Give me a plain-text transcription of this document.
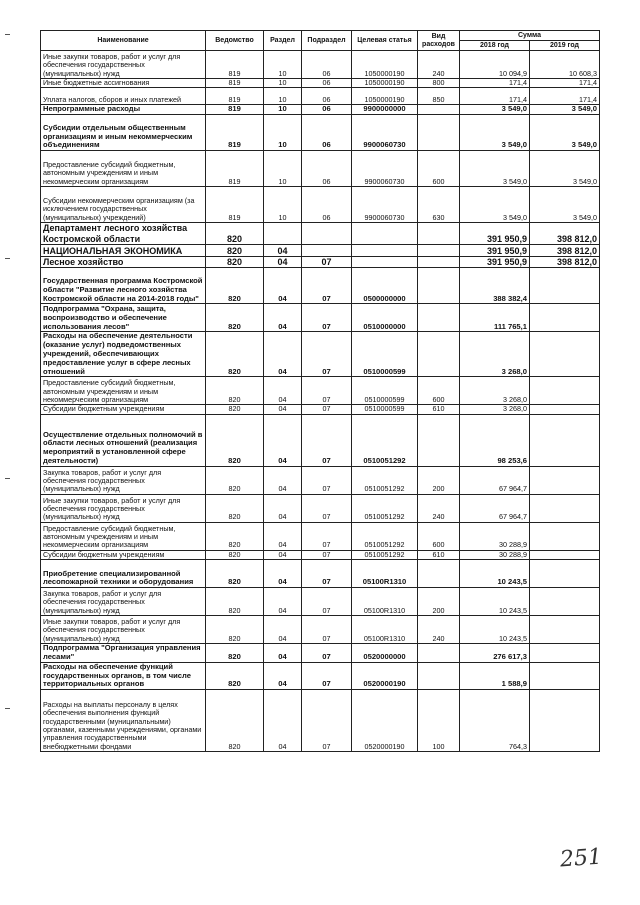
Наименование	Ведомство	Раздел	Подраздел	Целевая статья	Вид расходов	Сумма	
						2018 год	2019 год
Иные закупки товаров, работ и услуг для обеспечения государственных (муниципальных) нужд	819	10	06	1050000190	240	10 094,9	10 608,3
Иные бюджетные ассигнования	819	10	06	1050000190	800	171,4	171,4
Уплата налогов, сборов и иных платежей	819	10	06	1050000190	850	171,4	171,4
Непрограммные расходы	819	10	06	9900000000		3 549,0	3 549,0
Субсидии отдельным общественным организациям и иным некоммерческим объединениям	819	10	06	9900060730		3 549,0	3 549,0
Предоставление субсидий бюджетным, автономным учреждениям и иным некоммерческим организациям	819	10	06	9900060730	600	3 549,0	3 549,0
Субсидии некоммерческим организациям (за исключением государственных (муниципальных) учреждений)	819	10	06	9900060730	630	3 549,0	3 549,0
Департамент лесного хозяйства Костромской области	820					391 950,9	398 812,0
НАЦИОНАЛЬНАЯ ЭКОНОМИКА	820	04				391 950,9	398 812,0
Лесное хозяйство	820	04	07			391 950,9	398 812,0
Государственная программа Костромской области "Развитие лесного хозяйства Костромской области на 2014-2018 годы"	820	04	07	0500000000		388 382,4	
Подпрограмма "Охрана, защита, воспроизводство и обеспечение использования лесов"	820	04	07	0510000000		111 765,1	
Расходы на обеспечение деятельности (оказание услуг) подведомственных учреждений, обеспечивающих предоставление услуг в сфере лесных отношений	820	04	07	0510000599		3 268,0	
Предоставление субсидий бюджетным, автономным учреждениям и иным некоммерческим организациям	820	04	07	0510000599	600	3 268,0	
Субсидии бюджетным учреждениям	820	04	07	0510000599	610	3 268,0	
Осуществление отдельных полномочий в области лесных отношений (реализация мероприятий в установленной сфере деятельности)	820	04	07	0510051292		98 253,6	
Закупка товаров, работ и услуг для обеспечения государственных (муниципальных) нужд	820	04	07	0510051292	200	67 964,7	
Иные закупки товаров, работ и услуг для обеспечения государственных (муниципальных) нужд	820	04	07	0510051292	240	67 964,7	
Предоставление субсидий бюджетным, автономным учреждениям и иным некоммерческим организациям	820	04	07	0510051292	600	30 288,9	
Субсидии бюджетным учреждениям	820	04	07	0510051292	610	30 288,9	
Приобретение специализированной лесопожарной техники и оборудования	820	04	07	05100R1310		10 243,5	
Закупка товаров, работ и услуг для обеспечения государственных (муниципальных) нужд	820	04	07	05100R1310	200	10 243,5	
Иные закупки товаров, работ и услуг для обеспечения государственных (муниципальных) нужд	820	04	07	05100R1310	240	10 243,5	
Подпрограмма "Организация управления лесами"	820	04	07	0520000000		276 617,3	
Расходы на обеспечение функций государственных органов, в том числе территориальных органов	820	04	07	0520000190		1 588,9	
Расходы на выплаты персоналу в целях обеспечения выполнения функций государственными (муниципальными) органами, казенными учреждениями, органами управления государственными внебюджетными фондами	820	04	07	0520000190	100	764,3	
251
